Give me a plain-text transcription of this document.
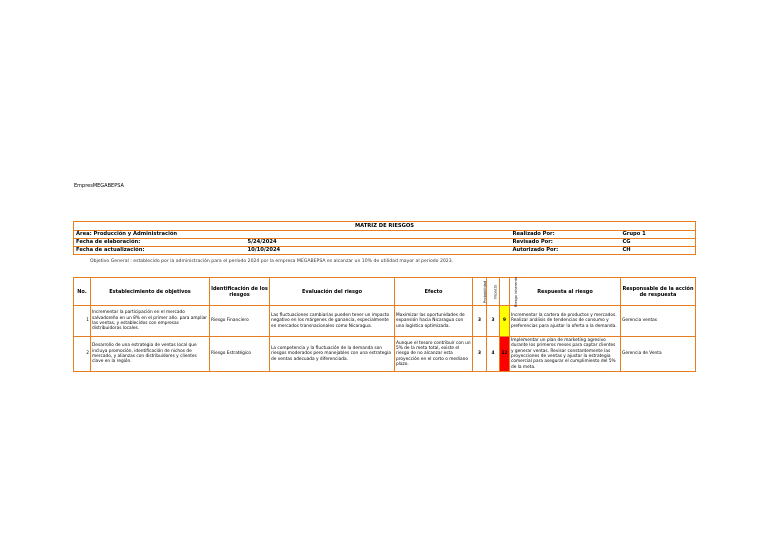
EmpresMEGABEPSA
MATRIZ DE RIESGOS				
Área: Producción y Administración			Realizado Por:	Grupo 1
Fecha de elaboración:	5/24/2024		Revisado Por:	CG
Fecha de actualización:	10/10/2024		Autorizado Por:	CH
Objetivo General : establecido por la administración para el período 2024 por la empresa MEGABEPSA es alcanzar un 10% de utilidad mayor al periodo 2023.
No.	Establecimiento de objetivos	Identificación de los riesgos	Evaluación del riesgo	Efecto	Probabilidad	Impacto	Riesgo inherente	Respuesta al riesgo	Responsable de la acción de respuesta
1	Incrementar la participación en el mercado salvadoreño en un 8% en el primer año. para ampliar las ventas, y establecidos con empresas distribuidoras locales.	Riesgo Financiero	Las fluctuaciones cambiarias pueden tener un impacto negativo en los márgenes de ganancia, especialmente en mercados transnacionales como Nicaragua.	Maximizar las oportunidades de expansión hacia Nicaragua con una logística optimizada.	3	3	9	Incrementar la cartera de productos y mercados. Realizar análisis de tendencias de consumo y preferencias para ajustar la oferta a la demanda.	Gerencia ventas
2	Desarrollo de una estrategia de ventas local que incluya promoción, identificación de nichos de mercado, y alianzas con distribuidores y clientes clave en la región.	Riesgo Estratégico	La competencia y la fluctuación de la demanda son riesgos moderados pero manejables con una estrategia de ventas adecuada y diferenciada.	Aunque el tesoro contribuir con un 5% de la meta total, existe el riesgo de no alcanzar esta proyección en el corto o mediano plazo.	3	4	12	Implementar un plan de marketing agresivo durante los primeros meses para captar clientes y generar ventas. Revisar constantemente las proyecciones de ventas y ajustar la estrategia comercial para asegurar el cumplimiento del 5% de la meta.	Gerencia de Venta
